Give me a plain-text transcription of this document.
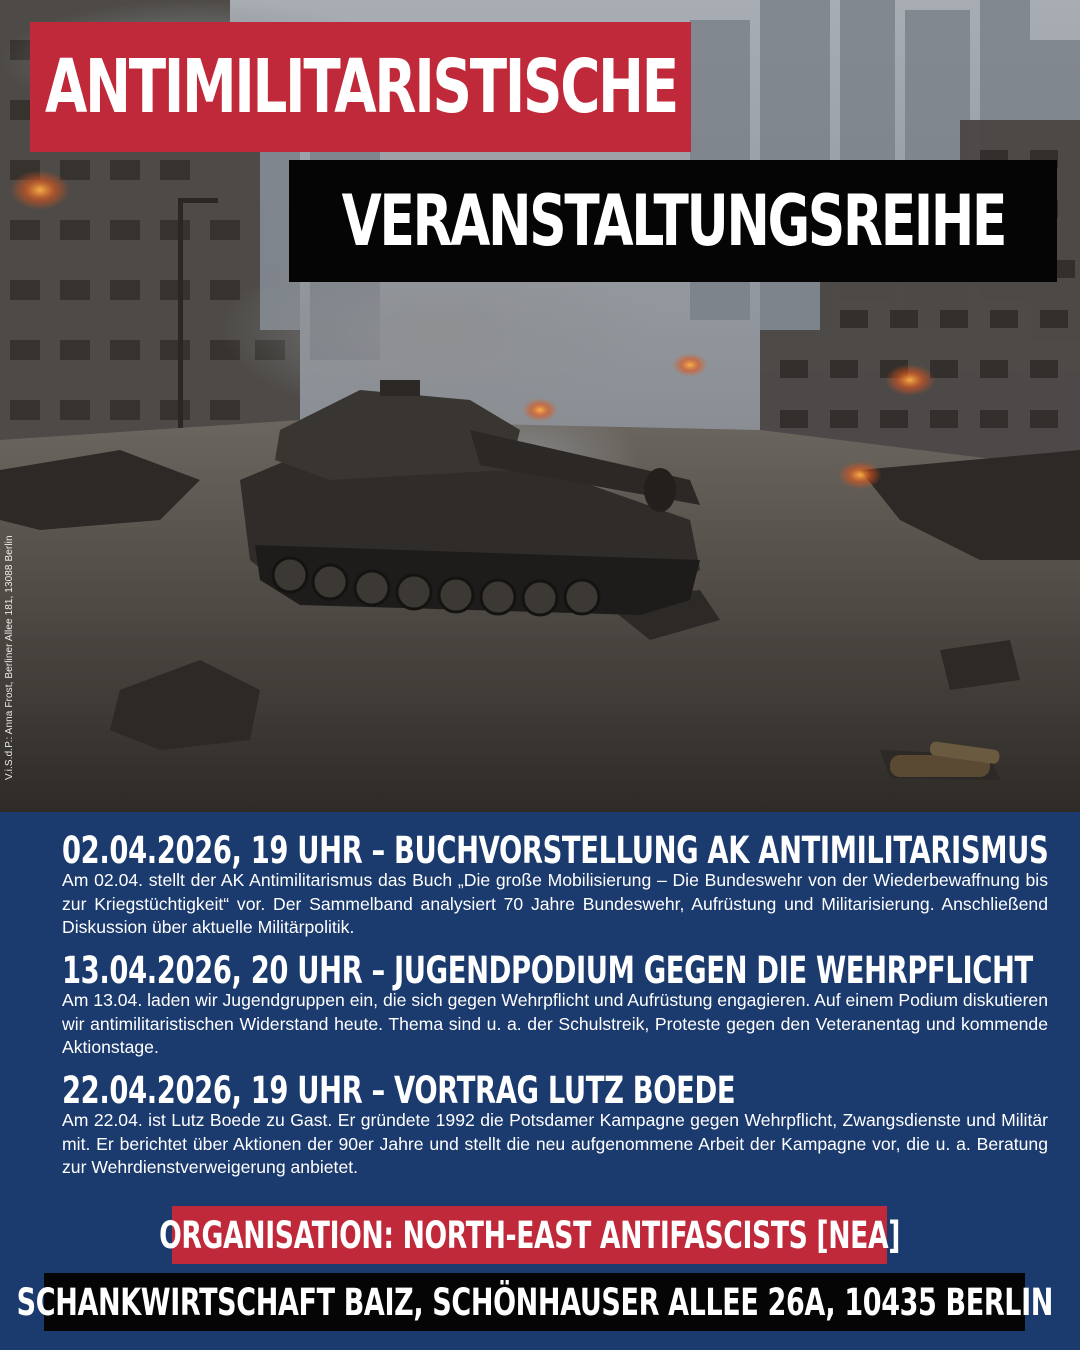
V.i.S.d.P.: Anna Frost, Berliner Allee 181, 13088 Berlin
ANTIMILITARISTISCHE
VERANSTALTUNGSREIHE
02.04.2026, 19 UHR – BUCHVORSTELLUNG AK ANTIMILITARISMUS
Am 02.04. stellt der AK Antimilitarismus das Buch „Die große Mobilisierung – Die Bundeswehr von der Wiederbewaffnung bis zur Kriegstüchtigkeit“ vor. Der Sammelband analysiert 70 Jahre Bundeswehr, Aufrüstung und Militarisierung. Anschließend Diskussion über aktuelle Militärpolitik.
13.04.2026, 20 UHR – JUGENDPODIUM GEGEN DIE WEHRPFLICHT
Am 13.04. laden wir Jugendgruppen ein, die sich gegen Wehrpflicht und Aufrüstung engagieren. Auf einem Podium diskutieren wir antimilitaristischen Widerstand heute. Thema sind u. a. der Schulstreik, Proteste gegen den Veteranentag und kommende Aktionstage.
22.04.2026, 19 UHR – VORTRAG LUTZ BOEDE
Am 22.04. ist Lutz Boede zu Gast. Er gründete 1992 die Potsdamer Kampagne gegen Wehrpflicht, Zwangsdienste und Militär mit. Er berichtet über Aktionen der 90er Jahre und stellt die neu aufgenommene Arbeit der Kampagne vor, die u. a. Beratung zur Wehrdienstverweigerung anbietet.
ORGANISATION: NORTH-EAST ANTIFASCISTS [NEA]
SCHANKWIRTSCHAFT BAIZ, SCHÖNHAUSER ALLEE 26A, 10435 BERLIN
